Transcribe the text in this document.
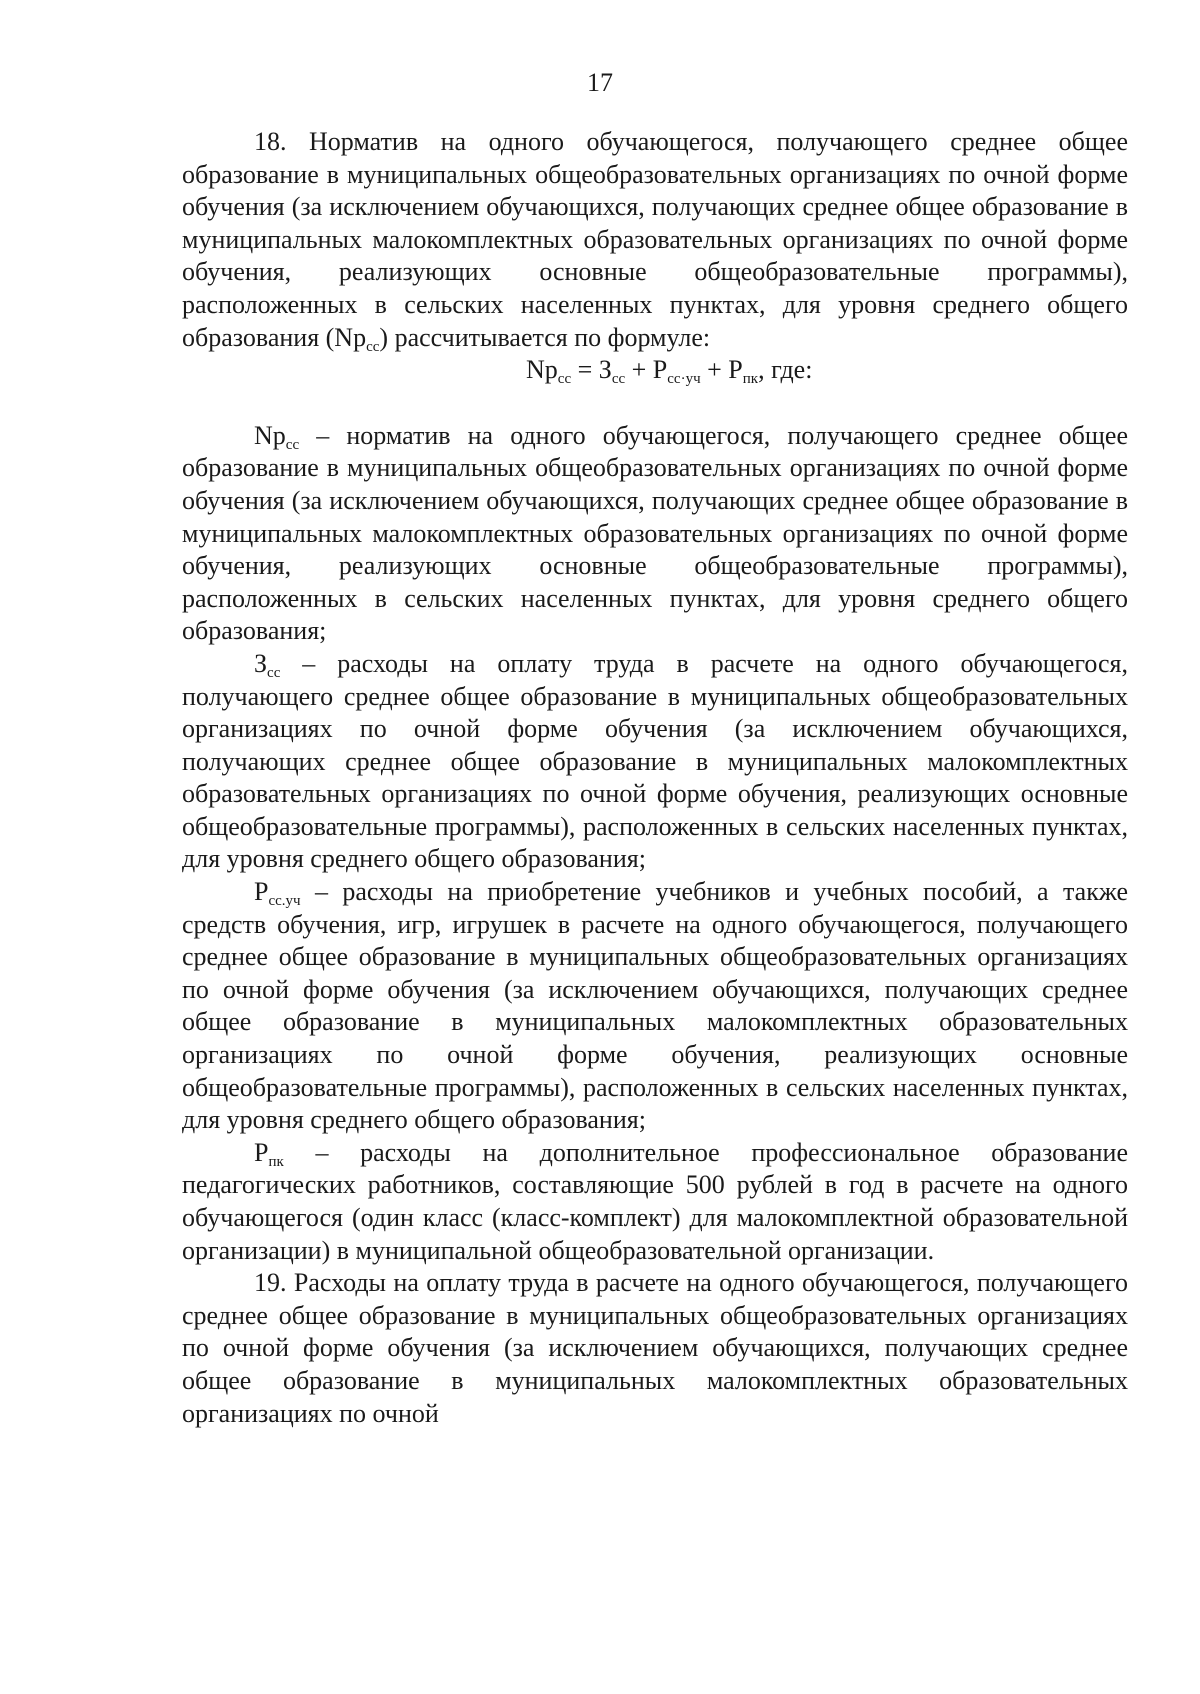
17

18. Норматив на одного обучающегося, получающего среднее общее образование в муниципальных общеобразовательных организациях по очной форме обучения (за исключением обучающихся, получающих среднее общее образование в муниципальных малокомплектных образовательных организациях по очной форме обучения, реализующих основные общеобразовательные программы), расположенных в сельских населенных пунктах, для уровня среднего общего образования $(Np_{сс})$ рассчитывается по формуле:

$Np_{сс} = З_{сс} + Р_{сс\cdot уч} + Р_{пк}$, где:

$Np_{сс}$ – норматив на одного обучающегося, получающего среднее общее образование в муниципальных общеобразовательных организациях по очной форме обучения (за исключением обучающихся, получающих среднее общее образование в муниципальных малокомплектных образовательных организациях по очной форме обучения, реализующих основные общеобразовательные программы), расположенных в сельских населенных пунктах, для уровня среднего общего образования;

$З_{сс}$ – расходы на оплату труда в расчете на одного обучающегося, получающего среднее общее образование в муниципальных общеобразовательных организациях по очной форме обучения (за исключением обучающихся, получающих среднее общее образование в муниципальных малокомплектных образовательных организациях по очной форме обучения, реализующих основные общеобразовательные программы), расположенных в сельских населенных пунктах, для уровня среднего общего образования;

$Р_{сс.уч}$ – расходы на приобретение учебников и учебных пособий, а также средств обучения, игр, игрушек в расчете на одного обучающегося, получающего среднее общее образование в муниципальных общеобразовательных организациях по очной форме обучения (за исключением обучающихся, получающих среднее общее образование в муниципальных малокомплектных образовательных организациях по очной форме обучения, реализующих основные общеобразовательные программы), расположенных в сельских населенных пунктах, для уровня среднего общего образования;

$Р_{пк}$ – расходы на дополнительное профессиональное образование педагогических работников, составляющие 500 рублей в год в расчете на одного обучающегося (один класс (класс-комплект) для малокомплектной образовательной организации) в муниципальной общеобразовательной организации.

19. Расходы на оплату труда в расчете на одного обучающегося, получающего среднее общее образование в муниципальных общеобразовательных организациях по очной форме обучения (за исключением обучающихся, получающих среднее общее образование в муниципальных малокомплектных образовательных организациях по очной
